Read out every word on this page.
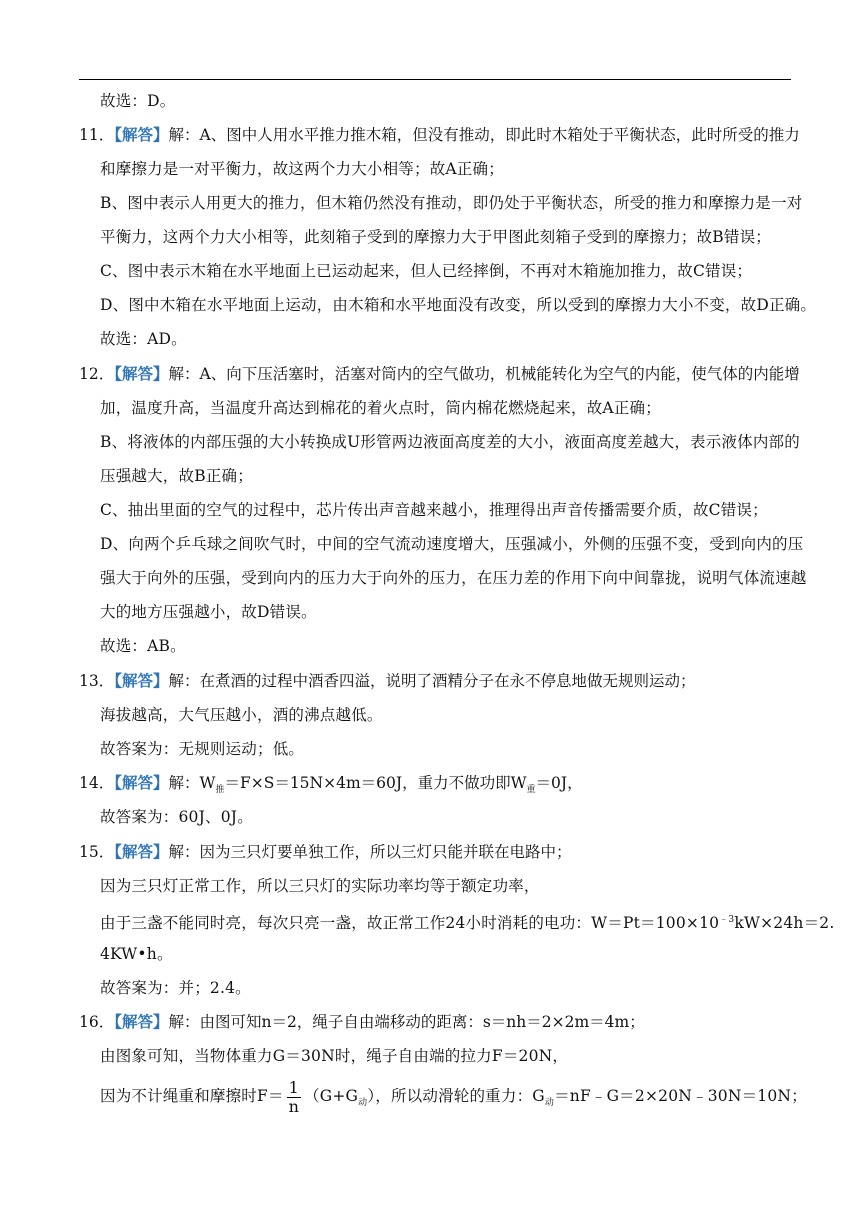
故选：D。
11．【解答】解：A、图中人用水平推力推木箱，但没有推动，即此时木箱处于平衡状态，此时所受的推力
和摩擦力是一对平衡力，故这两个力大小相等；故A正确；
B、图中表示人用更大的推力，但木箱仍然没有推动，即仍处于平衡状态，所受的推力和摩擦力是一对
平衡力，这两个力大小相等，此刻箱子受到的摩擦力大于甲图此刻箱子受到的摩擦力；故B错误；
C、图中表示木箱在水平地面上已运动起来，但人已经摔倒，不再对木箱施加推力，故C错误；
D、图中木箱在水平地面上运动，由木箱和水平地面没有改变，所以受到的摩擦力大小不变，故D正确。
故选：AD。
12．【解答】解：A、向下压活塞时，活塞对筒内的空气做功，机械能转化为空气的内能，使气体的内能增
加，温度升高，当温度升高达到棉花的着火点时，筒内棉花燃烧起来，故A正确；
B、将液体的内部压强的大小转换成U形管两边液面高度差的大小，液面高度差越大，表示液体内部的
压强越大，故B正确；
C、抽出里面的空气的过程中，芯片传出声音越来越小，推理得出声音传播需要介质，故C错误；
D、向两个乒乓球之间吹气时，中间的空气流动速度增大，压强减小，外侧的压强不变，受到向内的压
强大于向外的压强，受到向内的压力大于向外的压力，在压力差的作用下向中间靠拢，说明气体流速越
大的地方压强越小，故D错误。
故选：AB。
13．【解答】解：在煮酒的过程中酒香四溢，说明了酒精分子在永不停息地做无规则运动；
海拔越高，大气压越小，酒的沸点越低。
故答案为：无规则运动；低。
14．【解答】解：$W_推=F\times S=15N\times 4m=60J$，重力不做功即$W_重=0J$，
故答案为：60J、0J。
15．【解答】解：因为三只灯要单独工作，所以三灯只能并联在电路中；
因为三只灯正常工作，所以三只灯的实际功率均等于额定功率，
由于三盏不能同时亮，每次只亮一盏，故正常工作24小时消耗的电功：$W=Pt=100\times 10^{﹣3}kW\times 24h=2$.
4KW•h。
故答案为：并；2.4。
16．【解答】解：由图可知n＝2，绳子自由端移动的距离：s＝nh＝2×2m＝4m；
由图象可知，当物体重力G＝30N时，绳子自由端的拉力F＝20N，
因为不计绳重和摩擦时$F= \frac{1}{n} (G+G_动)$，所以动滑轮的重力：$G_动=nF﹣G=2\times 20N﹣30N=10N$；
